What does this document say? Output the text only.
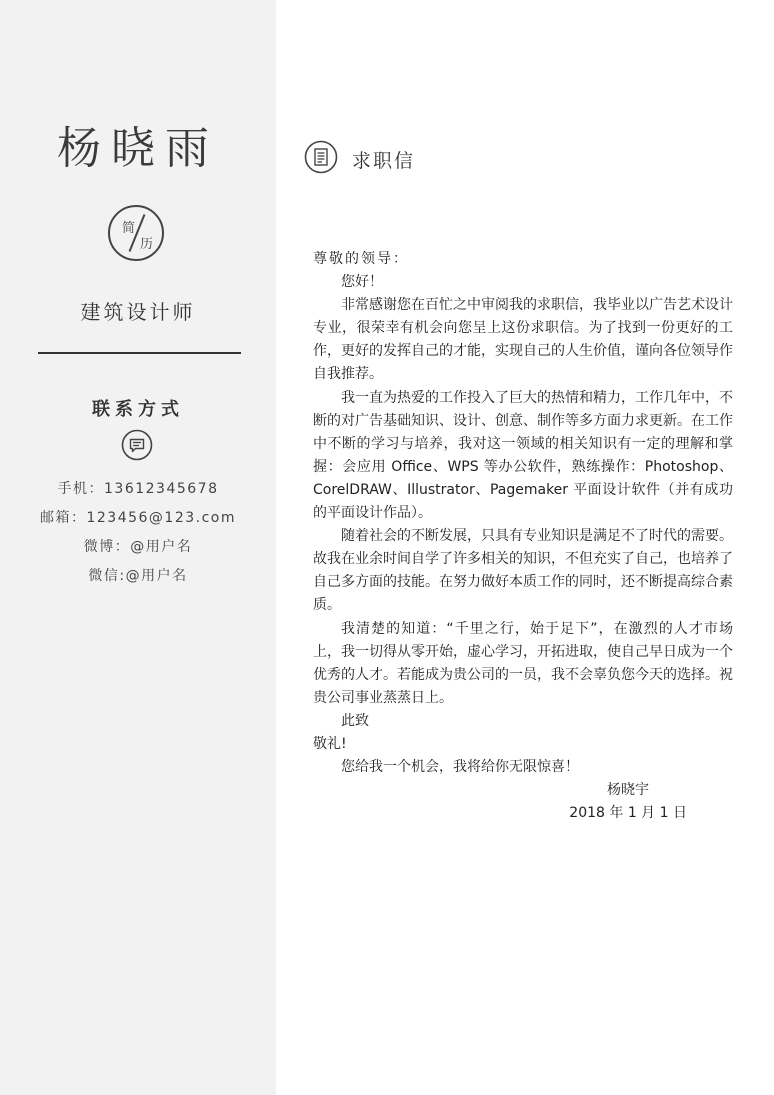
杨晓雨
简
历
建筑设计师
联系方式
手机：13612345678
邮箱：123456@123.com
微博：@用户名
微信:@用户名
求职信
尊敬的领导：

您好！

非常感谢您在百忙之中审阅我的求职信，我毕业以广告艺术设计专业，很荣幸有机会向您呈上这份求职信。为了找到一份更好的工作，更好的发挥自己的才能，实现自己的人生价值，谨向各位领导作自我推荐。

我一直为热爱的工作投入了巨大的热情和精力，工作几年中，不断的对广告基础知识、设计、创意、制作等多方面力求更新。在工作中不断的学习与培养，我对这一领域的相关知识有一定的理解和掌握：会应用 Office、WPS 等办公软件，熟练操作：Photoshop、CorelDRAW、Illustrator、Pagemaker 平面设计软件（并有成功的平面设计作品）。

随着社会的不断发展，只具有专业知识是满足不了时代的需要。故我在业余时间自学了许多相关的知识，不但充实了自己，也培养了自己多方面的技能。在努力做好本质工作的同时，还不断提高综合素质。

我清楚的知道：“千里之行，始于足下”，在激烈的人才市场上，我一切得从零开始，虚心学习，开拓进取，使自己早日成为一个优秀的人才。若能成为贵公司的一员，我不会辜负您今天的选择。祝贵公司事业蒸蒸日上。

此致

敬礼!

您给我一个机会，我将给你无限惊喜！

杨晓宇
2018 年 1 月 1 日
